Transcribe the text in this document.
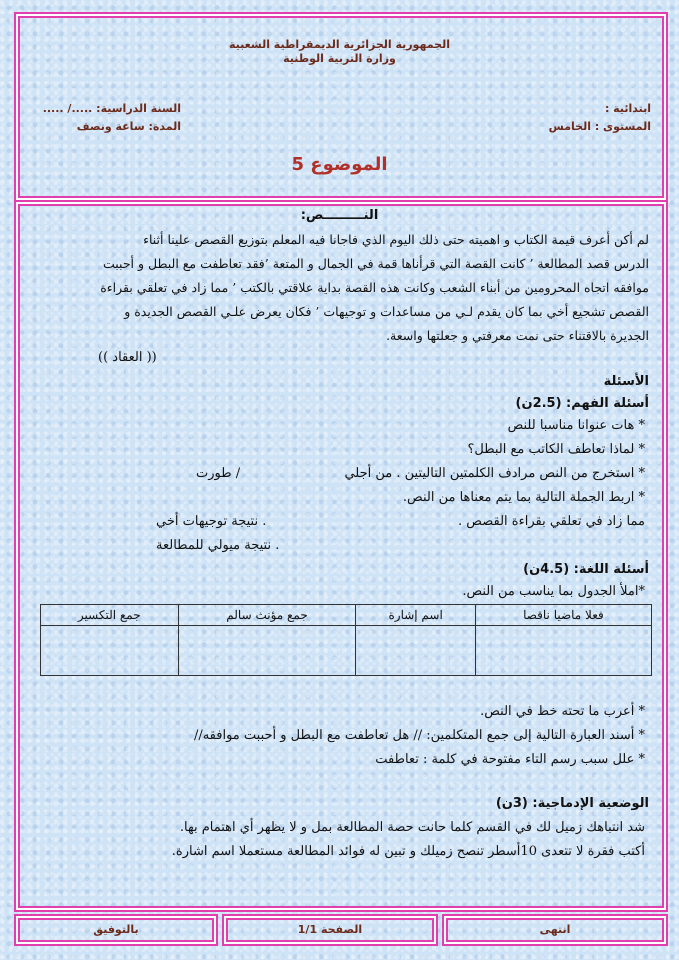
الجمهورية الجزائرية الديمقراطية الشعبية
وزارة التربية الوطنية
ابتدائية :
المستوى : الخامس
السنة الدراسية: ...../ .....
المدة: ساعة ونصف
الموضوع 5
النـــــــــص:
لم أكن أعرف قيمة الكتاب و اهميته حتى ذلك اليوم الذي فاجانا فيه المعلم بتوزيع القصص علينا أثناء
الدرس قصد المطالعة ’ كانت القصة التي قرأناها قمة في الجمال و المتعة ’فقد تعاطفت مع البطل و أحببت
موافقه اتجاه المحرومين من أبناء الشعب وكانت هذه القصة بداية علاقتي بالكتب ’ مما زاد في تعلقي بقراءة
القصص تشجيع أخي بما كان يقدم لـي من مساعدات و توجيهات ’ فكان يعرض علـي القصص الجديدة و
الجديرة بالاقتناء حتى نمت معرفتي و جعلتها واسعة.
(( العقاد ))
الأسئلة
أسئلة الفهم: (2.5ن)
* هات عنوانا مناسبا للنص
* لماذا تعاطف الكاتب مع البطل؟
* استخرج من النص مرادف الكلمتين التاليتين . من أجلي
/ طورت
* اربط الجملة التالية بما يتم معناها من النص.
مما زاد في تعلقي بقراءة القصص .
. نتيجة توجيهات أخي
. نتيجة ميولي للمطالعة
أسئلة اللغة: (4.5ن)
*املأ الجدول بما يناسب من النص.
فعلا ماضيا ناقصا	اسم إشارة	جمع مؤنث سالم	جمع التكسير

* أعرب ما تحته خط في النص.
* أسند العبارة التالية إلى جمع المتكلمين: // هل تعاطفت مع البطل و أحببت موافقه//
* علل سبب رسم التاء مفتوحة في كلمة : تعاطفت
الوضعية الإدماجية: (3ن)
شد انتباهك زميل لك في القسم كلما حانت حصة المطالعة بمل و لا يظهر أي اهتمام بها.
أكتب فقرة لا تتعدى 10أسطر تنصح زميلك و تبين له فوائد المطالعة مستعملا اسم اشارة.
بالتوفيق	الصفحة 1/1	انتهى
